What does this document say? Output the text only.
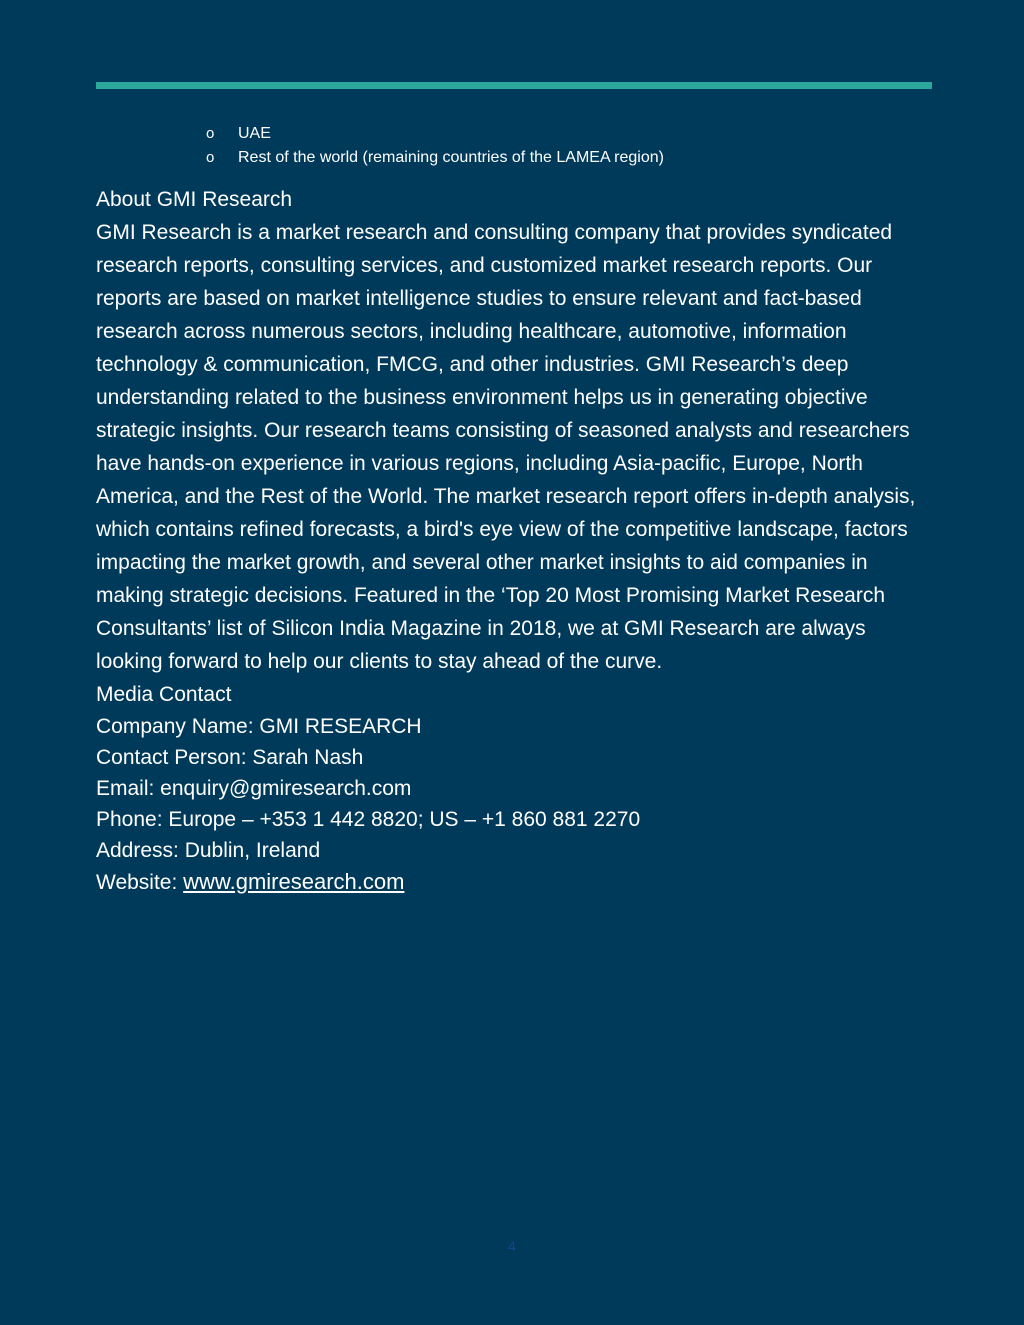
o	UAE
o	Rest of the world (remaining countries of the LAMEA region)

About GMI Research

GMI Research is a market research and consulting company that provides syndicated research reports, consulting services, and customized market research reports. Our reports are based on market intelligence studies to ensure relevant and fact-based research across numerous sectors, including healthcare, automotive, information technology & communication, FMCG, and other industries. GMI Research’s deep understanding related to the business environment helps us in generating objective strategic insights. Our research teams consisting of seasoned analysts and researchers have hands-on experience in various regions, including Asia-pacific, Europe, North America, and the Rest of the World. The market research report offers in-depth analysis, which contains refined forecasts, a bird's eye view of the competitive landscape, factors impacting the market growth, and several other market insights to aid companies in making strategic decisions. Featured in the ‘Top 20 Most Promising Market Research Consultants’ list of Silicon India Magazine in 2018, we at GMI Research are always looking forward to help our clients to stay ahead of the curve.

Media Contact

Company Name: GMI RESEARCH

Contact Person: Sarah Nash

Email: enquiry@gmiresearch.com

Phone: Europe – +353 1 442 8820; US – +1 860 881 2270

Address: Dublin, Ireland

Website: www.gmiresearch.com

4
